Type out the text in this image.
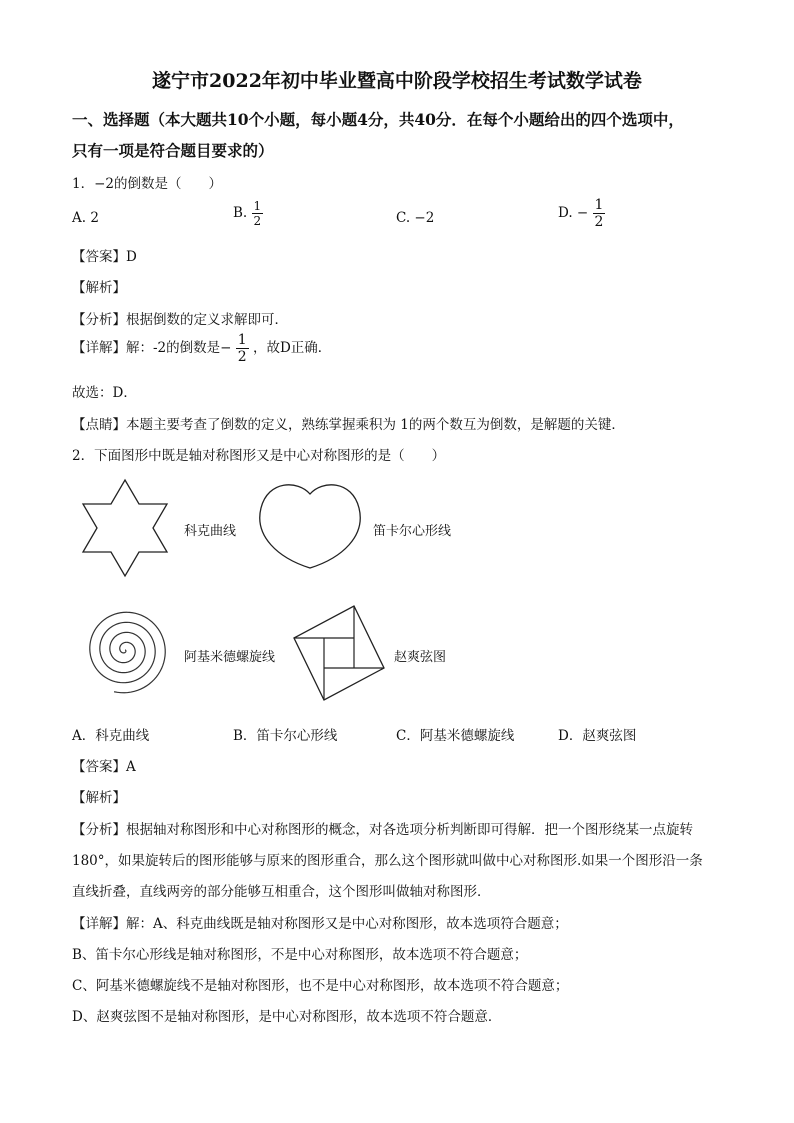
遂宁市2022年初中毕业暨高中阶段学校招生考试数学试卷
一、选择题（本大题共10个小题，每小题4分，共40分．在每个小题给出的四个选项中，
只有一项是符合题目要求的）
1．−2的倒数是（　　）
A. 2	B. $\frac{1}{2}$	C. −2	D. − $\frac{1}{2}$
【答案】D
【解析】
【分析】根据倒数的定义求解即可．
【详解】解：-2的倒数是− $\frac{1}{2}$ ，故D正确．
故选：D．
【点睛】本题主要考查了倒数的定义，熟练掌握乘积为 1的两个数互为倒数，是解题的关键．
2．下面图形中既是轴对称图形又是中心对称图形的是（　　）
科克曲线	笛卡尔心形线
阿基米德螺旋线	赵爽弦图
A．科克曲线	B．笛卡尔心形线	C．阿基米德螺旋线	D．赵爽弦图
【答案】A
【解析】
【分析】根据轴对称图形和中心对称图形的概念，对各选项分析判断即可得解．把一个图形绕某一点旋转
180°，如果旋转后的图形能够与原来的图形重合，那么这个图形就叫做中心对称图形.如果一个图形沿一条
直线折叠，直线两旁的部分能够互相重合，这个图形叫做轴对称图形．
【详解】解：A、科克曲线既是轴对称图形又是中心对称图形，故本选项符合题意；
B、笛卡尔心形线是轴对称图形，不是中心对称图形，故本选项不符合题意；
C、阿基米德螺旋线不是轴对称图形，也不是中心对称图形，故本选项不符合题意；
D、赵爽弦图不是轴对称图形，是中心对称图形，故本选项不符合题意．
